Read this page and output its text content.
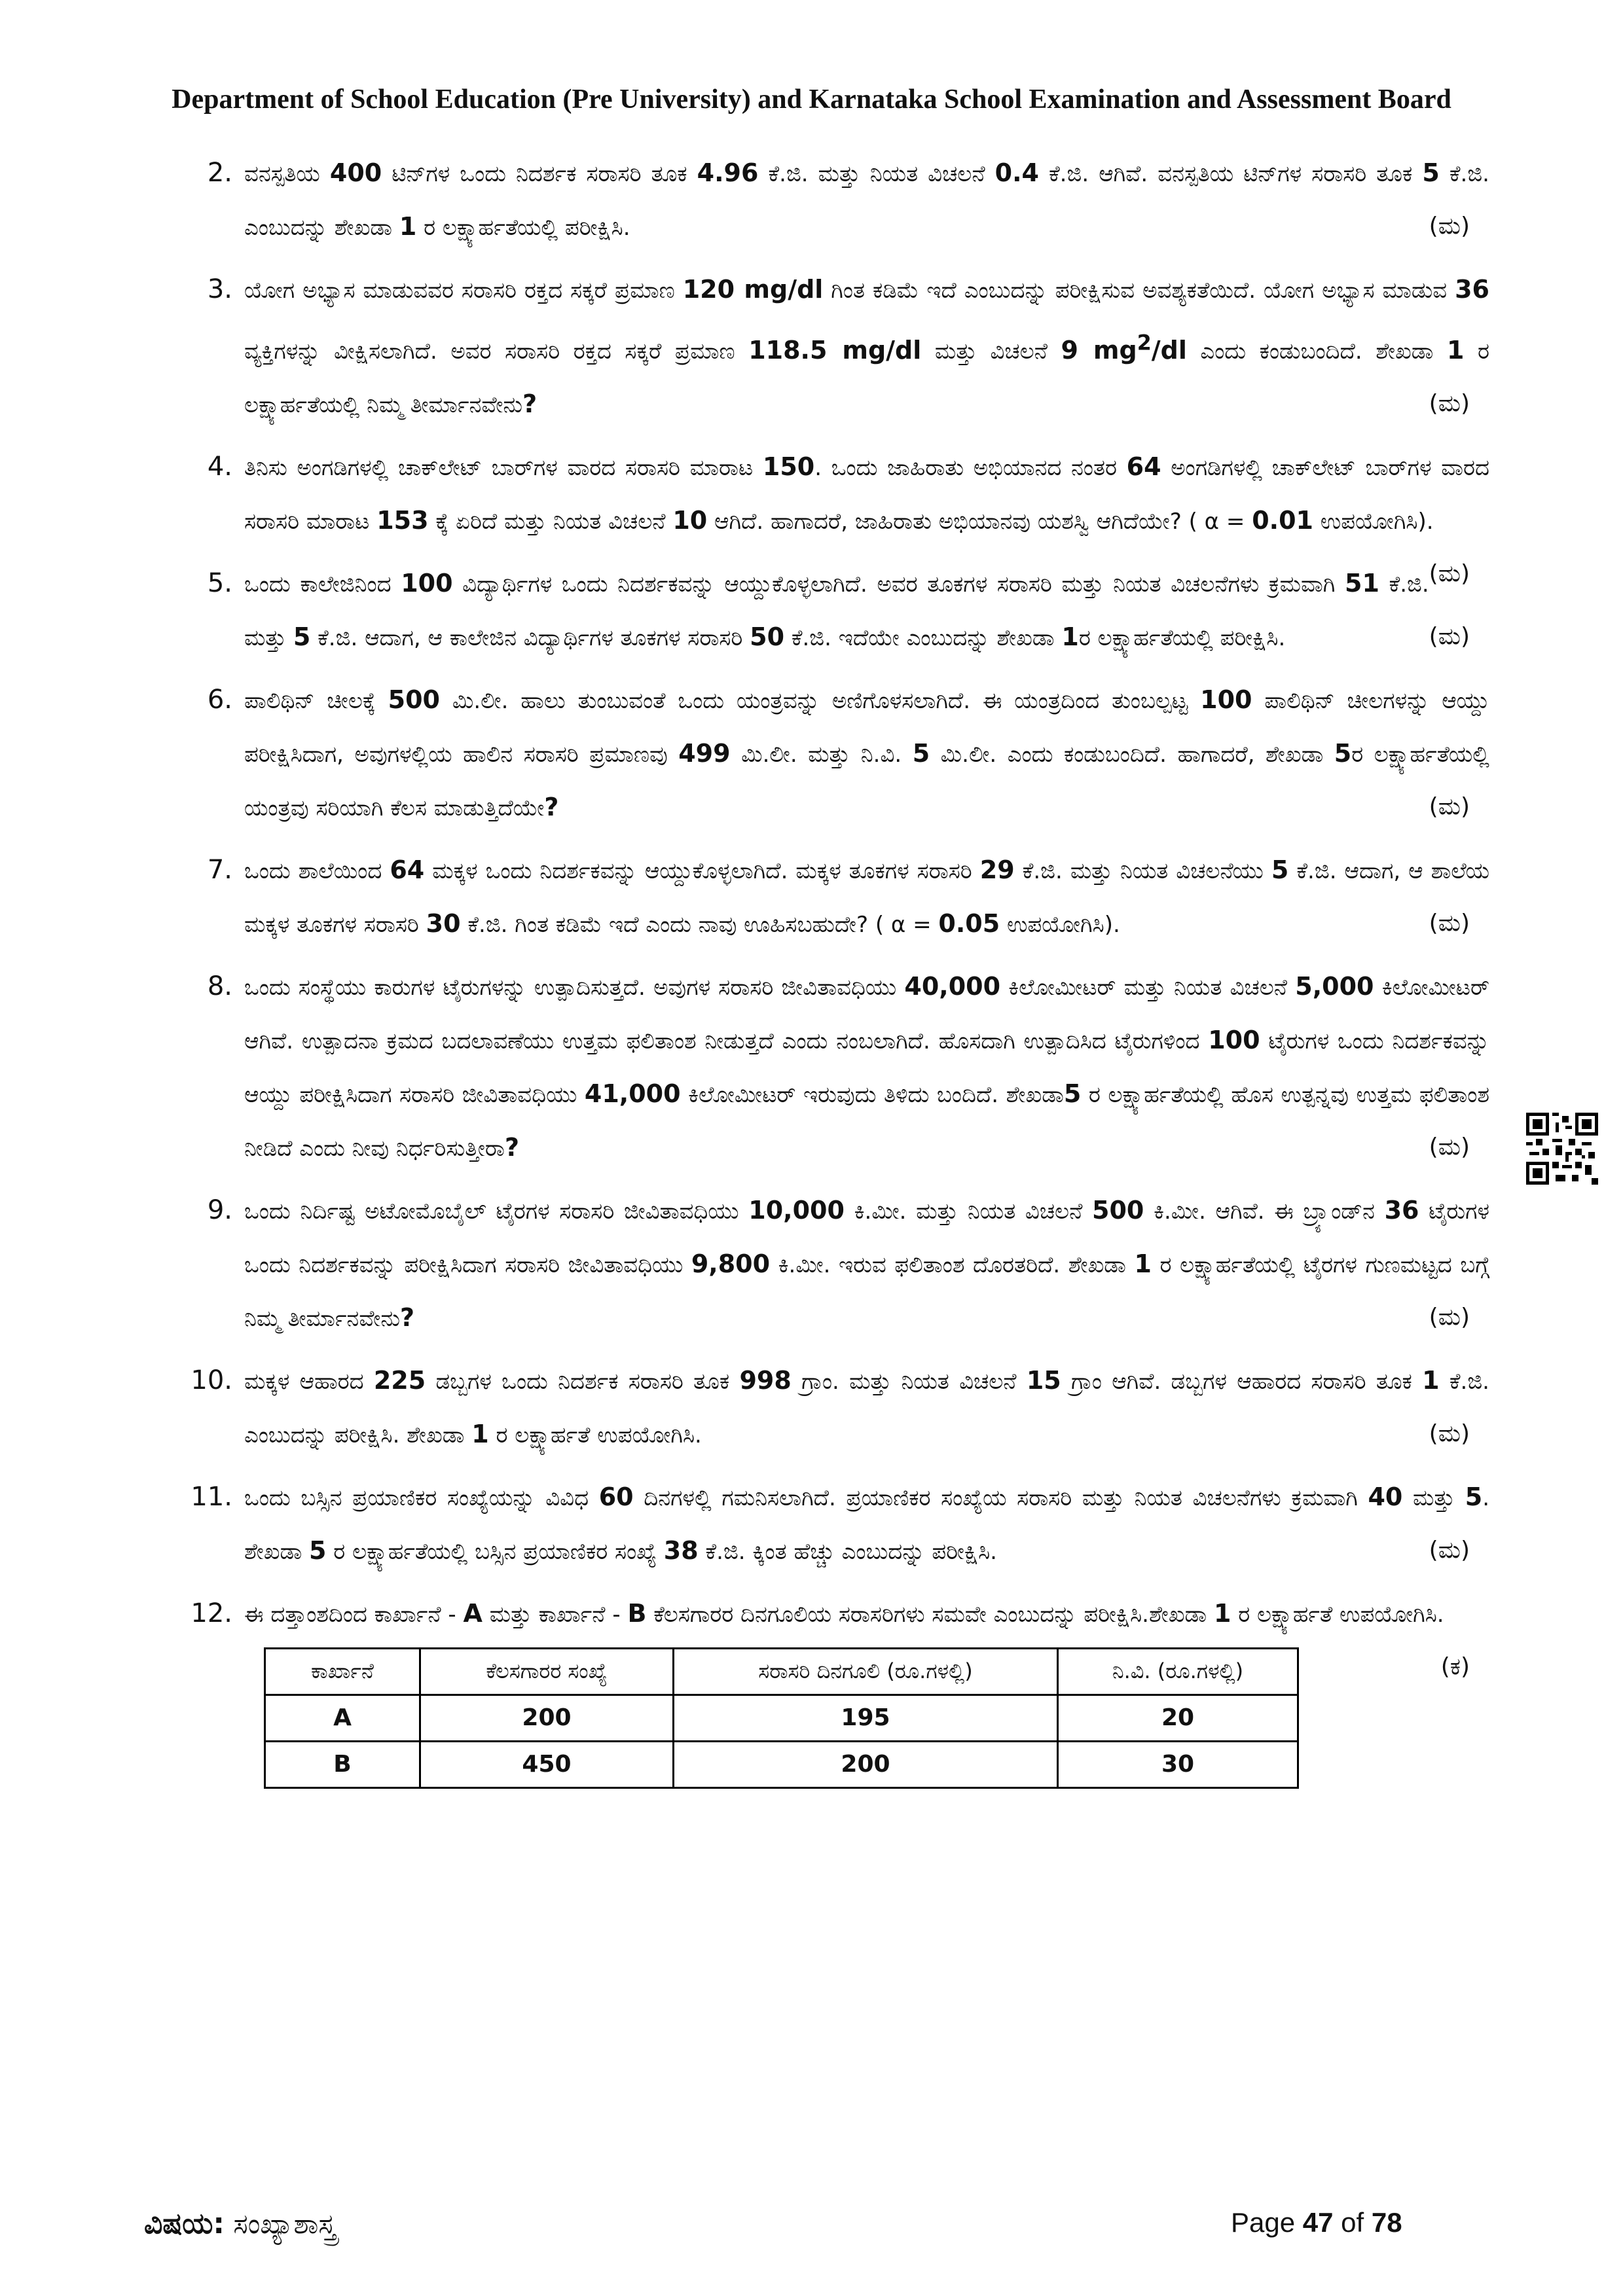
Department of School Education (Pre University) and Karnataka School Examination and Assessment Board
2. ವನಸ್ಪತಿಯ 400 ಟಿನ್‌ಗಳ ಒಂದು ನಿದರ್ಶಕ ಸರಾಸರಿ ತೂಕ 4.96 ಕೆ.ಜಿ. ಮತ್ತು ನಿಯತ ವಿಚಲನೆ 0.4 ಕೆ.ಜಿ. ಆಗಿವೆ. ವನಸ್ಪತಿಯ ಟಿನ್‌ಗಳ ಸರಾಸರಿ ತೂಕ 5 ಕೆ.ಜಿ. ಎಂಬುದನ್ನು ಶೇಖಡಾ 1 ರ ಲಕ್ಷ್ಯಾರ್ಹತೆಯಲ್ಲಿ ಪರೀಕ್ಷಿಸಿ.	(ಮ)
3. ಯೋಗ ಅಭ್ಯಾಸ ಮಾಡುವವರ ಸರಾಸರಿ ರಕ್ತದ ಸಕ್ಕರೆ ಪ್ರಮಾಣ 120 mg/dl ಗಿಂತ ಕಡಿಮೆ ಇದೆ ಎಂಬುದನ್ನು ಪರೀಕ್ಷಿಸುವ ಅವಶ್ಯಕತೆಯಿದೆ. ಯೋಗ ಅಭ್ಯಾಸ ಮಾಡುವ 36 ವ್ಯಕ್ತಿಗಳನ್ನು ವೀಕ್ಷಿಸಲಾಗಿದೆ. ಅವರ ಸರಾಸರಿ ರಕ್ತದ ಸಕ್ಕರೆ ಪ್ರಮಾಣ 118.5 mg/dl ಮತ್ತು ವಿಚಲನೆ 9 $mg^2/dl$ ಎಂದು ಕಂಡುಬಂದಿದೆ. ಶೇಖಡಾ 1 ರ ಲಕ್ಷ್ಯಾರ್ಹತೆಯಲ್ಲಿ ನಿಮ್ಮ ತೀರ್ಮಾನವೇನು?	(ಮ)
4. ತಿನಿಸು ಅಂಗಡಿಗಳಲ್ಲಿ ಚಾಕ್‌ಲೇಟ್ ಬಾರ್‌ಗಳ ವಾರದ ಸರಾಸರಿ ಮಾರಾಟ 150. ಒಂದು ಜಾಹಿರಾತು ಅಭಿಯಾನದ ನಂತರ 64 ಅಂಗಡಿಗಳಲ್ಲಿ ಚಾಕ್‌ಲೇಟ್ ಬಾರ್‌ಗಳ ವಾರದ ಸರಾಸರಿ ಮಾರಾಟ 153 ಕ್ಕೆ ಏರಿದೆ ಮತ್ತು ನಿಯತ ವಿಚಲನೆ 10 ಆಗಿದೆ. ಹಾಗಾದರೆ, ಜಾಹಿರಾತು ಅಭಿಯಾನವು ಯಶಸ್ವಿ ಆಗಿದೆಯೇ? ( α = 0.01 ಉಪಯೋಗಿಸಿ).
(ಮ)
5. ಒಂದು ಕಾಲೇಜಿನಿಂದ 100 ವಿದ್ಯಾರ್ಥಿಗಳ ಒಂದು ನಿದರ್ಶಕವನ್ನು ಆಯ್ದುಕೊಳ್ಳಲಾಗಿದೆ. ಅವರ ತೂಕಗಳ ಸರಾಸರಿ ಮತ್ತು ನಿಯತ ವಿಚಲನೆಗಳು ಕ್ರಮವಾಗಿ 51 ಕೆ.ಜಿ. ಮತ್ತು 5 ಕೆ.ಜಿ. ಆದಾಗ, ಆ ಕಾಲೇಜಿನ ವಿದ್ಯಾರ್ಥಿಗಳ ತೂಕಗಳ ಸರಾಸರಿ 50 ಕೆ.ಜಿ. ಇದೆಯೇ ಎಂಬುದನ್ನು ಶೇಖಡಾ 1ರ ಲಕ್ಷ್ಯಾರ್ಹತೆಯಲ್ಲಿ ಪರೀಕ್ಷಿಸಿ.	(ಮ)
6. ಪಾಲಿಥಿನ್ ಚೀಲಕ್ಕೆ 500 ಮಿ.ಲೀ. ಹಾಲು ತುಂಬುವಂತೆ ಒಂದು ಯಂತ್ರವನ್ನು ಅಣಿಗೊಳಸಲಾಗಿದೆ. ಈ ಯಂತ್ರದಿಂದ ತುಂಬಲ್ಪಟ್ಟ 100 ಪಾಲಿಥಿನ್ ಚೀಲಗಳನ್ನು ಆಯ್ದು ಪರೀಕ್ಷಿಸಿದಾಗ, ಅವುಗಳಲ್ಲಿಯ ಹಾಲಿನ ಸರಾಸರಿ ಪ್ರಮಾಣವು 499 ಮಿ.ಲೀ. ಮತ್ತು ನಿ.ವಿ. 5 ಮಿ.ಲೀ. ಎಂದು ಕಂಡುಬಂದಿದೆ. ಹಾಗಾದರೆ, ಶೇಖಡಾ 5ರ ಲಕ್ಷ್ಯಾರ್ಹತೆಯಲ್ಲಿ ಯಂತ್ರವು ಸರಿಯಾಗಿ ಕೆಲಸ ಮಾಡುತ್ತಿದೆಯೇ?	(ಮ)
7. ಒಂದು ಶಾಲೆಯಿಂದ 64 ಮಕ್ಕಳ ಒಂದು ನಿದರ್ಶಕವನ್ನು ಆಯ್ದುಕೊಳ್ಳಲಾಗಿದೆ. ಮಕ್ಕಳ ತೂಕಗಳ ಸರಾಸರಿ 29 ಕೆ.ಜಿ. ಮತ್ತು ನಿಯತ ವಿಚಲನೆಯು 5 ಕೆ.ಜಿ. ಆದಾಗ, ಆ ಶಾಲೆಯ ಮಕ್ಕಳ ತೂಕಗಳ ಸರಾಸರಿ 30 ಕೆ.ಜಿ. ಗಿಂತ ಕಡಿಮೆ ಇದೆ ಎಂದು ನಾವು ಊಹಿಸಬಹುದೇ? ( α = 0.05 ಉಪಯೋಗಿಸಿ).	(ಮ)
8. ಒಂದು ಸಂಸ್ಥೆಯು ಕಾರುಗಳ ಟೈರುಗಳನ್ನು ಉತ್ಪಾದಿಸುತ್ತದೆ. ಅವುಗಳ ಸರಾಸರಿ ಜೀವಿತಾವಧಿಯು 40,000 ಕಿಲೋಮೀಟರ್ ಮತ್ತು ನಿಯತ ವಿಚಲನೆ 5,000 ಕಿಲೋಮೀಟರ್ ಆಗಿವೆ. ಉತ್ಪಾದನಾ ಕ್ರಮದ ಬದಲಾವಣೆಯು ಉತ್ತಮ ಫಲಿತಾಂಶ ನೀಡುತ್ತದೆ ಎಂದು ನಂಬಲಾಗಿದೆ. ಹೊಸದಾಗಿ ಉತ್ಪಾದಿಸಿದ ಟೈರುಗಳಿಂದ 100 ಟೈರುಗಳ ಒಂದು ನಿದರ್ಶಕವನ್ನು ಆಯ್ದು ಪರೀಕ್ಷಿಸಿದಾಗ ಸರಾಸರಿ ಜೀವಿತಾವಧಿಯು 41,000 ಕಿಲೋಮೀಟರ್ ಇರುವುದು ತಿಳಿದು ಬಂದಿದೆ. ಶೇಖಡಾ5 ರ ಲಕ್ಷ್ಯಾರ್ಹತೆಯಲ್ಲಿ ಹೊಸ ಉತ್ಪನ್ನವು ಉತ್ತಮ ಫಲಿತಾಂಶ ನೀಡಿದೆ ಎಂದು ನೀವು ನಿರ್ಧರಿಸುತ್ತೀರಾ?	(ಮ)
9. ಒಂದು ನಿರ್ದಿಷ್ಟ ಅಟೋಮೊಬೈಲ್ ಟೈರಗಳ ಸರಾಸರಿ ಜೀವಿತಾವಧಿಯು 10,000 ಕಿ.ಮೀ. ಮತ್ತು ನಿಯತ ವಿಚಲನೆ 500 ಕಿ.ಮೀ. ಆಗಿವೆ. ಈ ಬ್ರ್ಯಾಂಡ್‌ನ 36 ಟೈರುಗಳ ಒಂದು ನಿದರ್ಶಕವನ್ನು ಪರೀಕ್ಷಿಸಿದಾಗ ಸರಾಸರಿ ಜೀವಿತಾವಧಿಯು 9,800 ಕಿ.ಮೀ. ಇರುವ ಫಲಿತಾಂಶ ದೊರತರಿದೆ. ಶೇಖಡಾ 1 ರ ಲಕ್ಷ್ಯಾರ್ಹತೆಯಲ್ಲಿ ಟೈರಗಳ ಗುಣಮಟ್ಟದ ಬಗ್ಗೆ ನಿಮ್ಮ ತೀರ್ಮಾನವೇನು?	(ಮ)
10. ಮಕ್ಕಳ ಆಹಾರದ 225 ಡಬ್ಬಗಳ ಒಂದು ನಿದರ್ಶಕ ಸರಾಸರಿ ತೂಕ 998 ಗ್ರಾಂ. ಮತ್ತು ನಿಯತ ವಿಚಲನೆ 15 ಗ್ರಾಂ ಆಗಿವೆ. ಡಬ್ಬಗಳ ಆಹಾರದ ಸರಾಸರಿ ತೂಕ 1 ಕೆ.ಜಿ. ಎಂಬುದನ್ನು ಪರೀಕ್ಷಿಸಿ. ಶೇಖಡಾ 1 ರ ಲಕ್ಷ್ಯಾರ್ಹತೆ ಉಪಯೋಗಿಸಿ.	(ಮ)
11. ಒಂದು ಬಸ್ಸಿನ ಪ್ರಯಾಣಿಕರ ಸಂಖ್ಯೆಯನ್ನು ವಿವಿಧ 60 ದಿನಗಳಲ್ಲಿ ಗಮನಿಸಲಾಗಿದೆ. ಪ್ರಯಾಣಿಕರ ಸಂಖ್ಯೆಯ ಸರಾಸರಿ ಮತ್ತು ನಿಯತ ವಿಚಲನೆಗಳು ಕ್ರಮವಾಗಿ 40 ಮತ್ತು 5. ಶೇಖಡಾ 5 ರ ಲಕ್ಷ್ಯಾರ್ಹತೆಯಲ್ಲಿ ಬಸ್ಸಿನ ಪ್ರಯಾಣಿಕರ ಸಂಖ್ಯೆ 38 ಕೆ.ಜಿ. ಕ್ಕಿಂತ ಹೆಚ್ಚು ಎಂಬುದನ್ನು ಪರೀಕ್ಷಿಸಿ.	(ಮ)
12. ಈ ದತ್ತಾಂಶದಿಂದ ಕಾರ್ಖಾನೆ - A ಮತ್ತು ಕಾರ್ಖಾನೆ - B ಕೆಲಸಗಾರರ ದಿನಗೂಲಿಯ ಸರಾಸರಿಗಳು ಸಮವೇ ಎಂಬುದನ್ನು ಪರೀಕ್ಷಿಸಿ.ಶೇಖಡಾ 1 ರ ಲಕ್ಷ್ಯಾರ್ಹತೆ ಉಪಯೋಗಿಸಿ.
(ಕ)
ಕಾರ್ಖಾನೆ	ಕೆಲಸಗಾರರ ಸಂಖ್ಯೆ	ಸರಾಸರಿ ದಿನಗೂಲಿ (ರೂ.ಗಳಲ್ಲಿ)	ನಿ.ವಿ. (ರೂ.ಗಳಲ್ಲಿ)
A	200	195	20
B	450	200	30
ವಿಷಯ: ಸಂಖ್ಯಾಶಾಸ್ತ್ರ	Page 47 of 78
